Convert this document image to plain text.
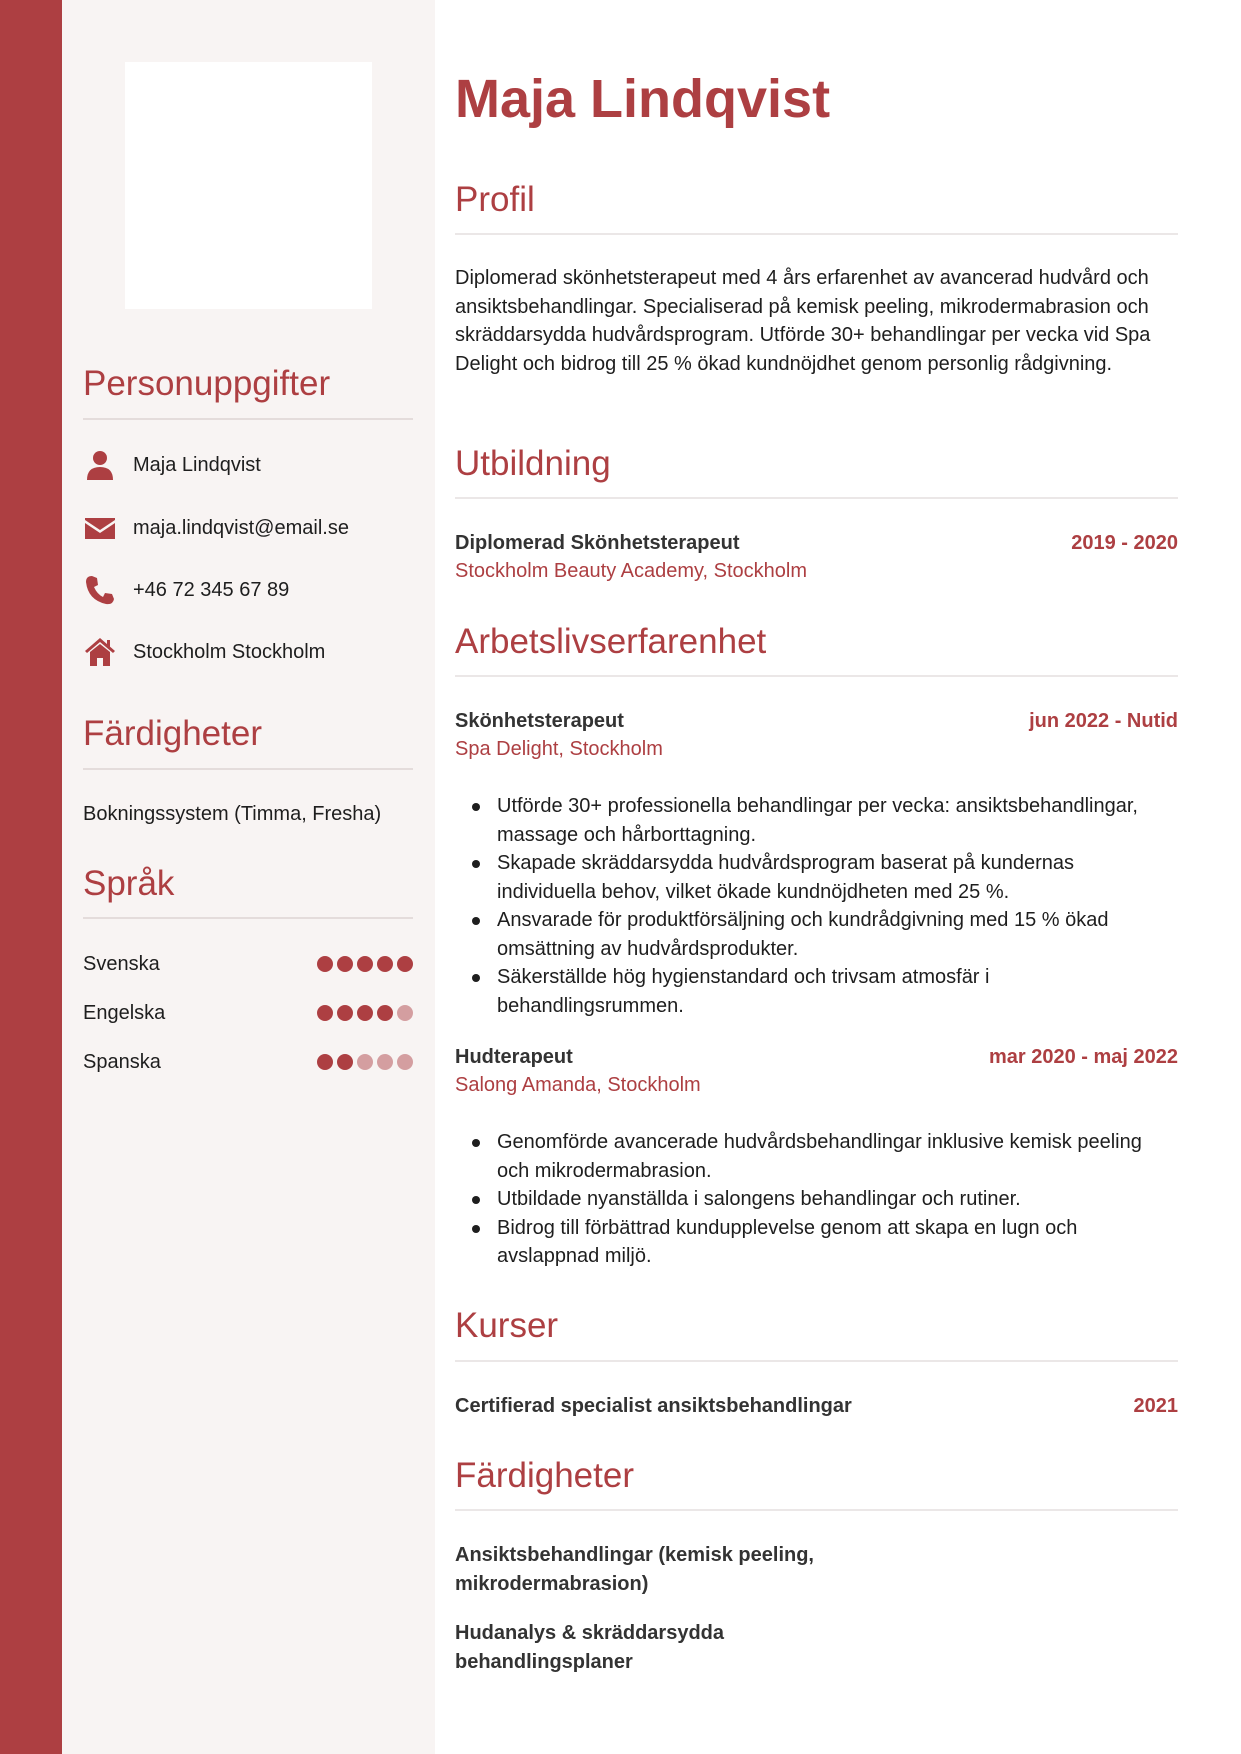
Personuppgifter
Maja Lindqvist
maja.lindqvist@email.se
+46 72 345 67 89
Stockholm Stockholm
Färdigheter
Bokningssystem (Timma, Fresha)
Språk
Svenska
Engelska
Spanska
Maja Lindqvist
Profil
Diplomerad skönhetsterapeut med 4 års erfarenhet av avancerad hudvård och ansiktsbehandlingar. Specialiserad på kemisk peeling, mikrodermabrasion och skräddarsydda hudvårdsprogram. Utförde 30+ behandlingar per vecka vid Spa Delight och bidrog till 25 % ökad kundnöjdhet genom personlig rådgivning.
Utbildning
Diplomerad Skönhetsterapeut	2019 - 2020
Stockholm Beauty Academy, Stockholm
Arbetslivserfarenhet
Skönhetsterapeut	jun 2022 - Nutid
Spa Delight, Stockholm
Utförde 30+ professionella behandlingar per vecka: ansiktsbehandlingar, massage och hårborttagning.
Skapade skräddarsydda hudvårdsprogram baserat på kundernas individuella behov, vilket ökade kundnöjdheten med 25 %.
Ansvarade för produktförsäljning och kundrådgivning med 15 % ökad omsättning av hudvårdsprodukter.
Säkerställde hög hygienstandard och trivsam atmosfär i behandlingsrummen.
Hudterapeut	mar 2020 - maj 2022
Salong Amanda, Stockholm
Genomförde avancerade hudvårdsbehandlingar inklusive kemisk peeling och mikrodermabrasion.
Utbildade nyanställda i salongens behandlingar och rutiner.
Bidrog till förbättrad kundupplevelse genom att skapa en lugn och avslappnad miljö.
Kurser
Certifierad specialist ansiktsbehandlingar	2021
Färdigheter
Ansiktsbehandlingar (kemisk peeling, mikrodermabrasion)
Hudanalys & skräddarsydda behandlingsplaner
